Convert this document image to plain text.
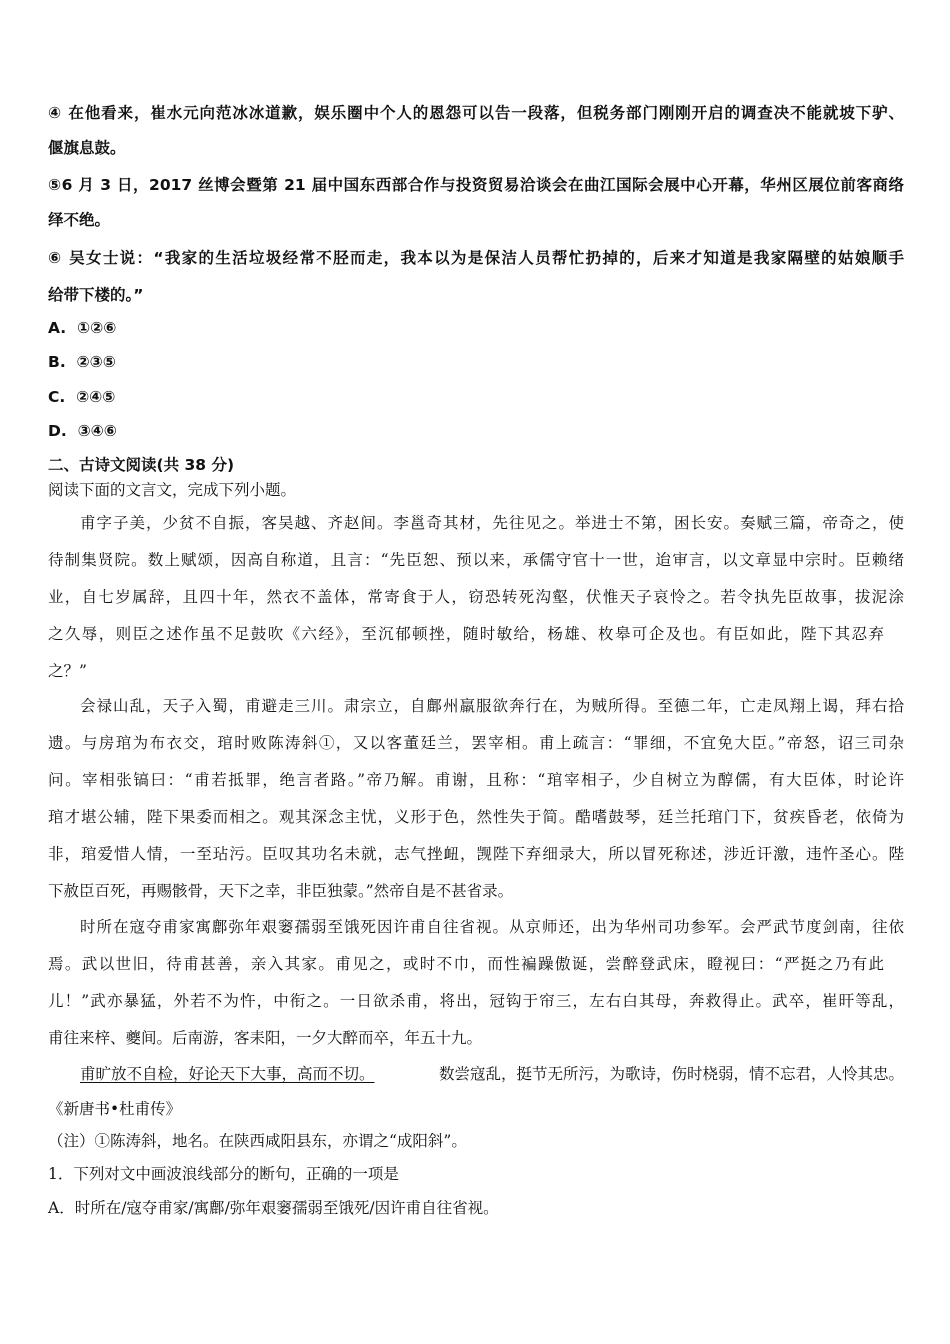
④ 在他看来，崔水元向范冰冰道歉，娱乐圈中个人的恩怨可以告一段落，但税务部门刚刚开启的调查决不能就坡下驴、
偃旗息鼓。
⑤6 月 3 日，2017 丝博会暨第 21 届中国东西部合作与投资贸易洽谈会在曲江国际会展中心开幕，华州区展位前客商络
绎不绝。
⑥ 吴女士说：“我家的生活垃圾经常不胫而走，我本以为是保洁人员帮忙扔掉的，后来才知道是我家隔壁的姑娘顺手
给带下楼的。”
A. ①②⑥
B. ②③⑤
C. ②④⑤
D. ③④⑥
二、古诗文阅读(共 38 分)
阅读下面的文言文，完成下列小题。
甫字子美，少贫不自振，客吴越、齐赵间。李邕奇其材，先往见之。举进士不第，困长安。奏赋三篇，帝奇之，使
待制集贤院。数上赋颂，因高自称道，且言：“先臣恕、预以来，承儒守官十一世，迨审言，以文章显中宗时。臣赖绪
业，自七岁属辞，且四十年，然衣不盖体，常寄食于人，窃恐转死沟壑，伏惟天子哀怜之。若令执先臣故事，拔泥涂
之久辱，则臣之述作虽不足鼓吹《六经》，至沉郁顿挫，随时敏给，杨雄、枚皋可企及也。有臣如此，陛下其忍弃
之？”
会禄山乱，天子入蜀，甫避走三川。肃宗立，自鄜州羸服欲奔行在，为贼所得。至德二年，亡走凤翔上谒，拜右拾
遗。与房琯为布衣交，琯时败陈涛斜①，又以客董廷兰，罢宰相。甫上疏言：“罪细，不宜免大臣。”帝怒，诏三司杂
问。宰相张镐曰：“甫若抵罪，绝言者路。”帝乃解。甫谢，且称：“琯宰相子，少自树立为醇儒，有大臣体，时论许
琯才堪公辅，陛下果委而相之。观其深念主忧，义形于色，然性失于简。酷嗜鼓琴，廷兰托琯门下，贫疾昏老，依倚为
非，琯爱惜人情，一至玷污。臣叹其功名未就，志气挫衄，觊陛下弃细录大，所以冒死称述，涉近讦激，违忤圣心。陛
下赦臣百死，再赐骸骨，天下之幸，非臣独蒙。”然帝自是不甚省录。
时所在寇夺甫家寓鄜弥年艰窭孺弱至饿死因许甫自往省视。从京师还，出为华州司功参军。会严武节度剑南，往依
焉。武以世旧，待甫甚善，亲入其家。甫见之，或时不巾，而性褊躁傲诞，尝醉登武床，瞪视曰：“严挺之乃有此
儿！”武亦暴猛，外若不为忤，中衔之。一日欲杀甫，将出，冠钩于帘三，左右白其母，奔救得止。武卒，崔旰等乱，
甫往来梓、夔间。后南游，客耒阳，一夕大醉而卒，年五十九。
甫旷放不自检，好论天下大事，高而不切。	数尝寇乱，挺节无所污，为歌诗，伤时桡弱，情不忘君，人怜其忠。
《新唐书•杜甫传》
（注）①陈涛斜，地名。在陕西咸阳县东，亦谓之“成阳斜”。
1．下列对文中画波浪线部分的断句，正确的一项是
A．时所在/寇夺甫家/寓鄜/弥年艰窭孺弱至饿死/因许甫自往省视。
